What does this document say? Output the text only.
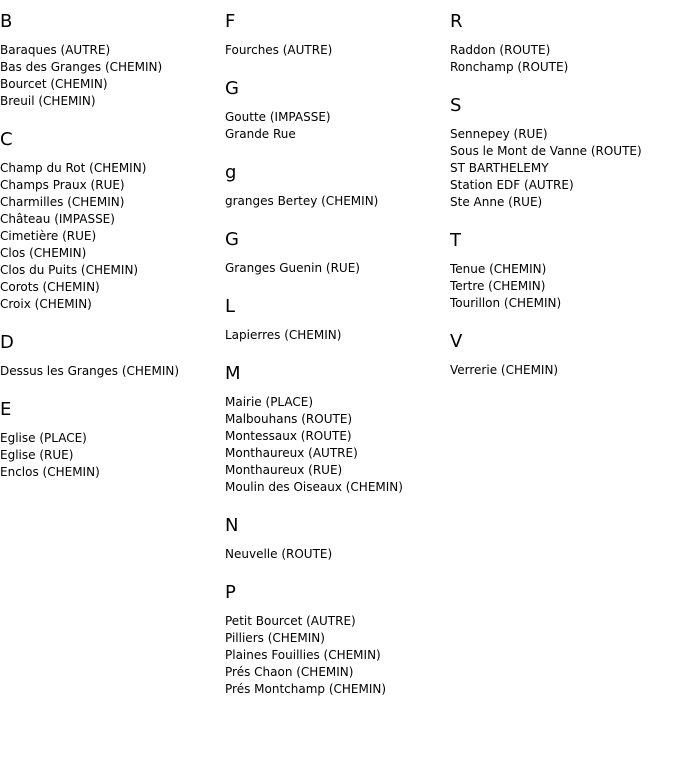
B
Baraques (AUTRE)
Bas des Granges (CHEMIN)
Bourcet (CHEMIN)
Breuil (CHEMIN)
C
Champ du Rot (CHEMIN)
Champs Praux (RUE)
Charmilles (CHEMIN)
Château (IMPASSE)
Cimetière (RUE)
Clos (CHEMIN)
Clos du Puits (CHEMIN)
Corots (CHEMIN)
Croix (CHEMIN)
D
Dessus les Granges (CHEMIN)
E
Eglise (PLACE)
Eglise (RUE)
Enclos (CHEMIN)
F
Fourches (AUTRE)
G
Goutte (IMPASSE)
Grande Rue
g
granges Bertey (CHEMIN)
G
Granges Guenin (RUE)
L
Lapierres (CHEMIN)
M
Mairie (PLACE)
Malbouhans (ROUTE)
Montessaux (ROUTE)
Monthaureux (AUTRE)
Monthaureux (RUE)
Moulin des Oiseaux (CHEMIN)
N
Neuvelle (ROUTE)
P
Petit Bourcet (AUTRE)
Pilliers (CHEMIN)
Plaines Fouillies (CHEMIN)
Prés Chaon (CHEMIN)
Prés Montchamp (CHEMIN)
R
Raddon (ROUTE)
Ronchamp (ROUTE)
S
Sennepey (RUE)
Sous le Mont de Vanne (ROUTE)
ST BARTHELEMY
Station EDF (AUTRE)
Ste Anne (RUE)
T
Tenue (CHEMIN)
Tertre (CHEMIN)
Tourillon (CHEMIN)
V
Verrerie (CHEMIN)
